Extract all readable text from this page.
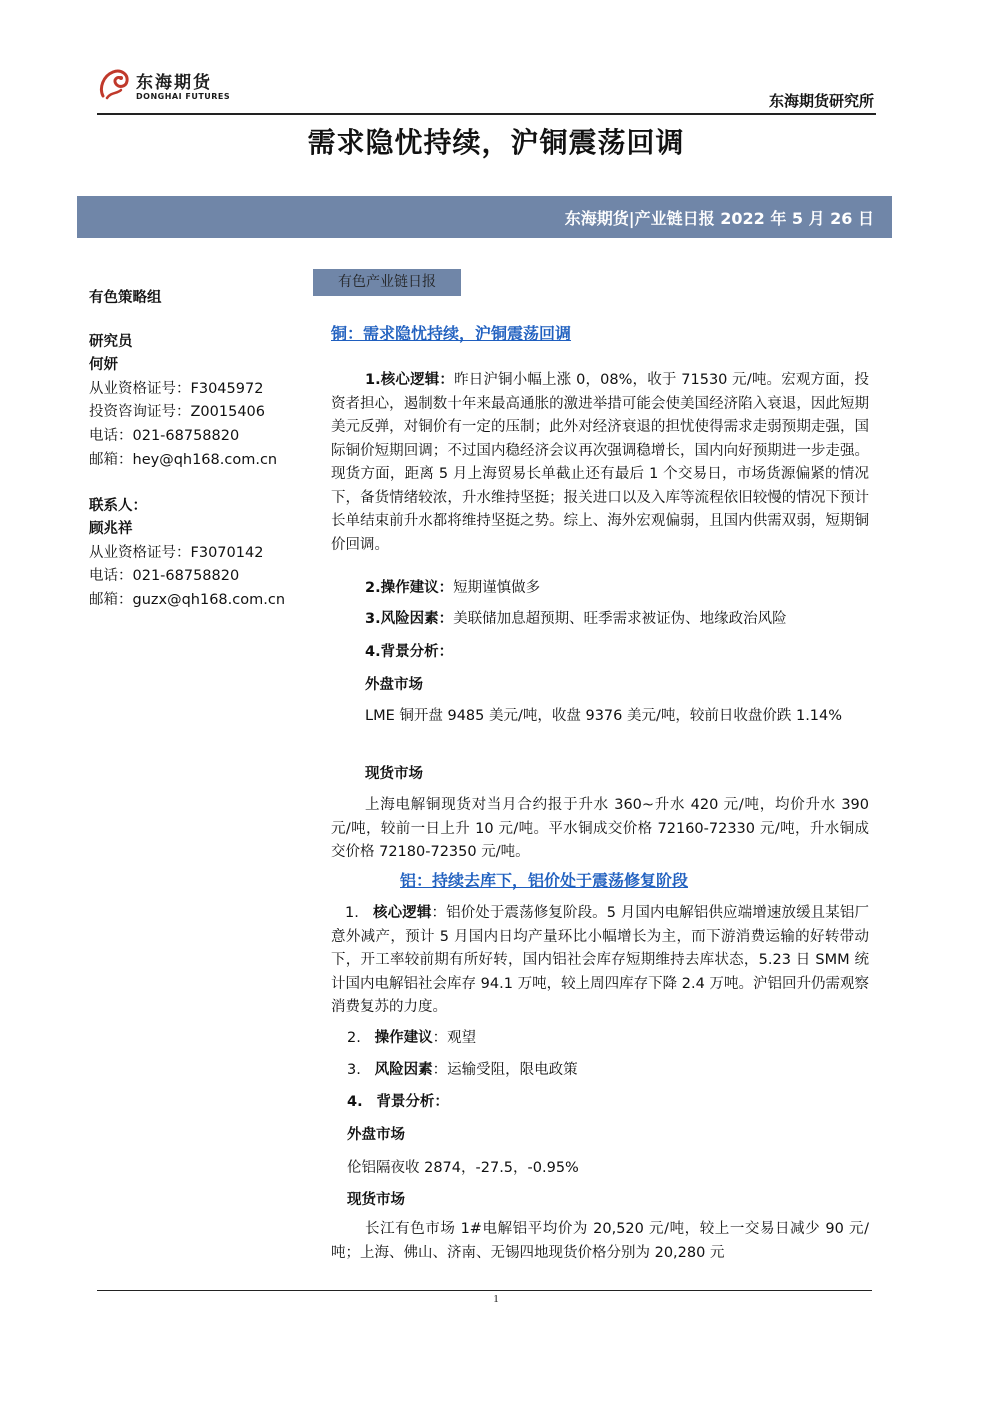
东海期货
DONGHAI FUTURES	东海期货研究所
需求隐忧持续，沪铜震荡回调
东海期货|产业链日报 2022 年 5 月 26 日
有色策略组
研究员
何妍
从业资格证号：F3045972
投资咨询证号：Z0015406
电话：021-68758820
邮箱：hey@qh168.com.cn
联系人：
顾兆祥
从业资格证号：F3070142
电话：021-68758820
邮箱：guzx@qh168.com.cn
有色产业链日报
铜：需求隐忧持续，沪铜震荡回调
1.核心逻辑：昨日沪铜小幅上涨 0，08%，收于 71530 元/吨。宏观方面，投资者担心，遏制数十年来最高通胀的激进举措可能会使美国经济陷入衰退，因此短期美元反弹，对铜价有一定的压制；此外对经济衰退的担忧使得需求走弱预期走强，国际铜价短期回调；不过国内稳经济会议再次强调稳增长，国内向好预期进一步走强。现货方面，距离 5 月上海贸易长单截止还有最后 1 个交易日，市场货源偏紧的情况下，备货情绪较浓，升水维持坚挺；报关进口以及入库等流程依旧较慢的情况下预计长单结束前升水都将维持坚挺之势。综上、海外宏观偏弱，且国内供需双弱，短期铜价回调。
2.操作建议：短期谨慎做多
3.风险因素：美联储加息超预期、旺季需求被证伪、地缘政治风险
4.背景分析：
外盘市场
LME 铜开盘 9485 美元/吨，收盘 9376 美元/吨，较前日收盘价跌 1.14%
现货市场
上海电解铜现货对当月合约报于升水 360~升水 420 元/吨，均价升水 390 元/吨，较前一日上升 10 元/吨。平水铜成交价格 72160-72330 元/吨，升水铜成交价格 72180-72350 元/吨。
铝：持续去库下，铝价处于震荡修复阶段
1. 核心逻辑：铝价处于震荡修复阶段。5 月国内电解铝供应端增速放缓且某铝厂意外减产，预计 5 月国内日均产量环比小幅增长为主，而下游消费运输的好转带动下，开工率较前期有所好转，国内铝社会库存短期维持去库状态，5.23 日 SMM 统计国内电解铝社会库存 94.1 万吨，较上周四库存下降 2.4 万吨。沪铝回升仍需观察消费复苏的力度。
2. 操作建议：观望
3. 风险因素：运输受阻，限电政策
4. 背景分析：
外盘市场
伦铝隔夜收 2874，-27.5，-0.95%
现货市场
长江有色市场 1#电解铝平均价为 20,520 元/吨，较上一交易日减少 90 元/吨；上海、佛山、济南、无锡四地现货价格分别为 20,280 元
1
